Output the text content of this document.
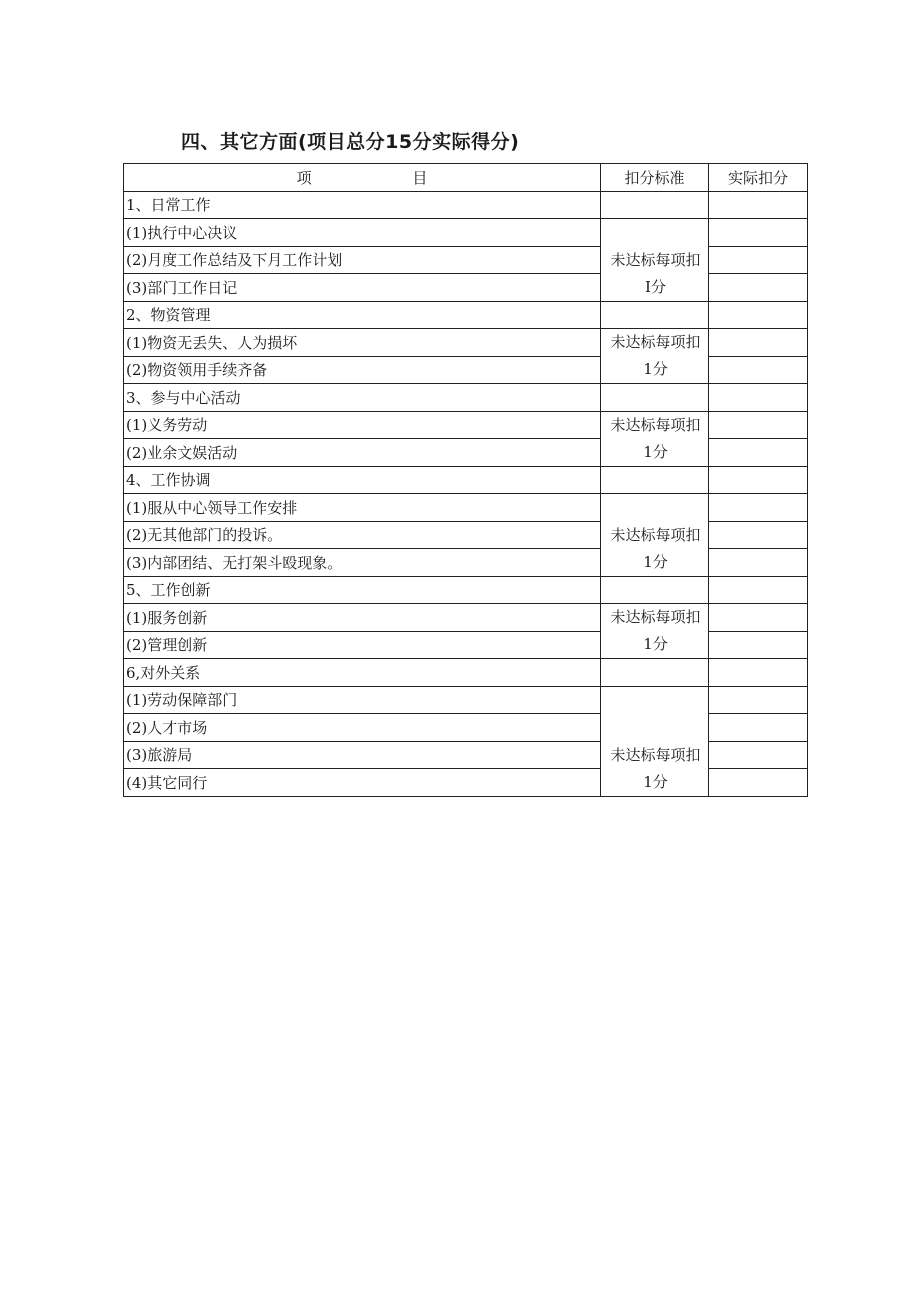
四、其它方面(项目总分15分实际得分)
项 目	扣分标准	实际扣分
1、日常工作		
(1)执行中心决议	未达标每项扣
I分	

(2)月度工作总结及下月工作计划		
(3)部门工作日记		
2、物资管理		
(1)物资无丢失、人为损坏	未达标每项扣
1分	

(2)物资领用手续齐备		
3、参与中心活动		
(1)义务劳动	未达标每项扣
1分	

(2)业余文娱活动		
4、工作协调		
(1)服从中心领导工作安排	未达标每项扣
1分	

(2)无其他部门的投诉。		
(3)内部团结、无打架斗殴现象。		
5、工作创新		
(1)服务创新	未达标每项扣
1分	

(2)管理创新		
6,对外关系		
(1)劳动保障部门	未达标每项扣
1分	

(2)人才市场		
(3)旅游局		
(4)其它同行		
